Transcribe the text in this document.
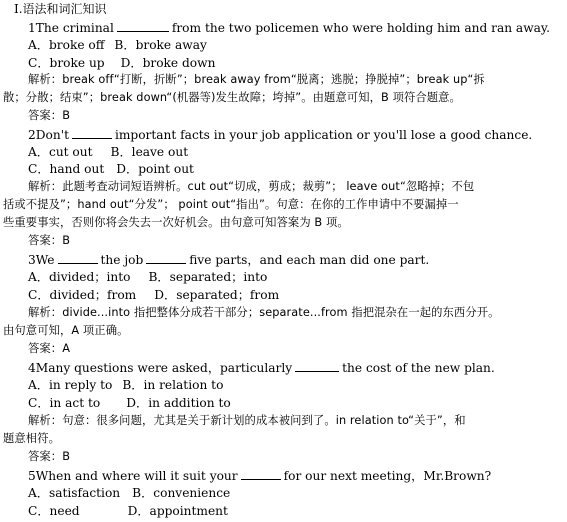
Ⅰ.语法和词汇知识
1The criminal	from the two policemen who were holding him and ran away.
A．broke off B．broke away
C．broke up D．broke down
解析：break off“打断，折断”；break away from“脱离；逃脱；挣脱掉”；break up“拆
散；分散；结束”；break down“(机器等)发生故障；垮掉”。由题意可知，B 项符合题意。
答案：B
2Don't	important facts in your job application or you'll lose a good chance.
A．cut out B．leave out
C．hand out D．point out
解析：此题考查动词短语辨析。cut out“切成，剪成；裁剪”； leave out“忽略掉；不包
括或不提及”；hand out“分发”； point out“指出”。句意：在你的工作申请中不要漏掉一
些重要事实，否则你将会失去一次好机会。由句意可知答案为 B 项。
答案：B
3We	the job	five parts，and each man did one part.
A．divided；into B．separated；into
C．divided；from D．separated；from
解析：divide...into 指把整体分成若干部分；separate...from 指把混杂在一起的东西分开。
由句意可知，A 项正确。
答案：A
4Many questions were asked，particularly	the cost of the new plan.
A．in reply to B．in relation to
C．in act to D．in addition to
解析：句意：很多问题，尤其是关于新计划的成本被问到了。in relation to“关于”，和
题意相符。
答案：B
5When and where will it suit your	for our next meeting，Mr.Brown?
A．satisfaction B．convenience
C．need	D．appointment
